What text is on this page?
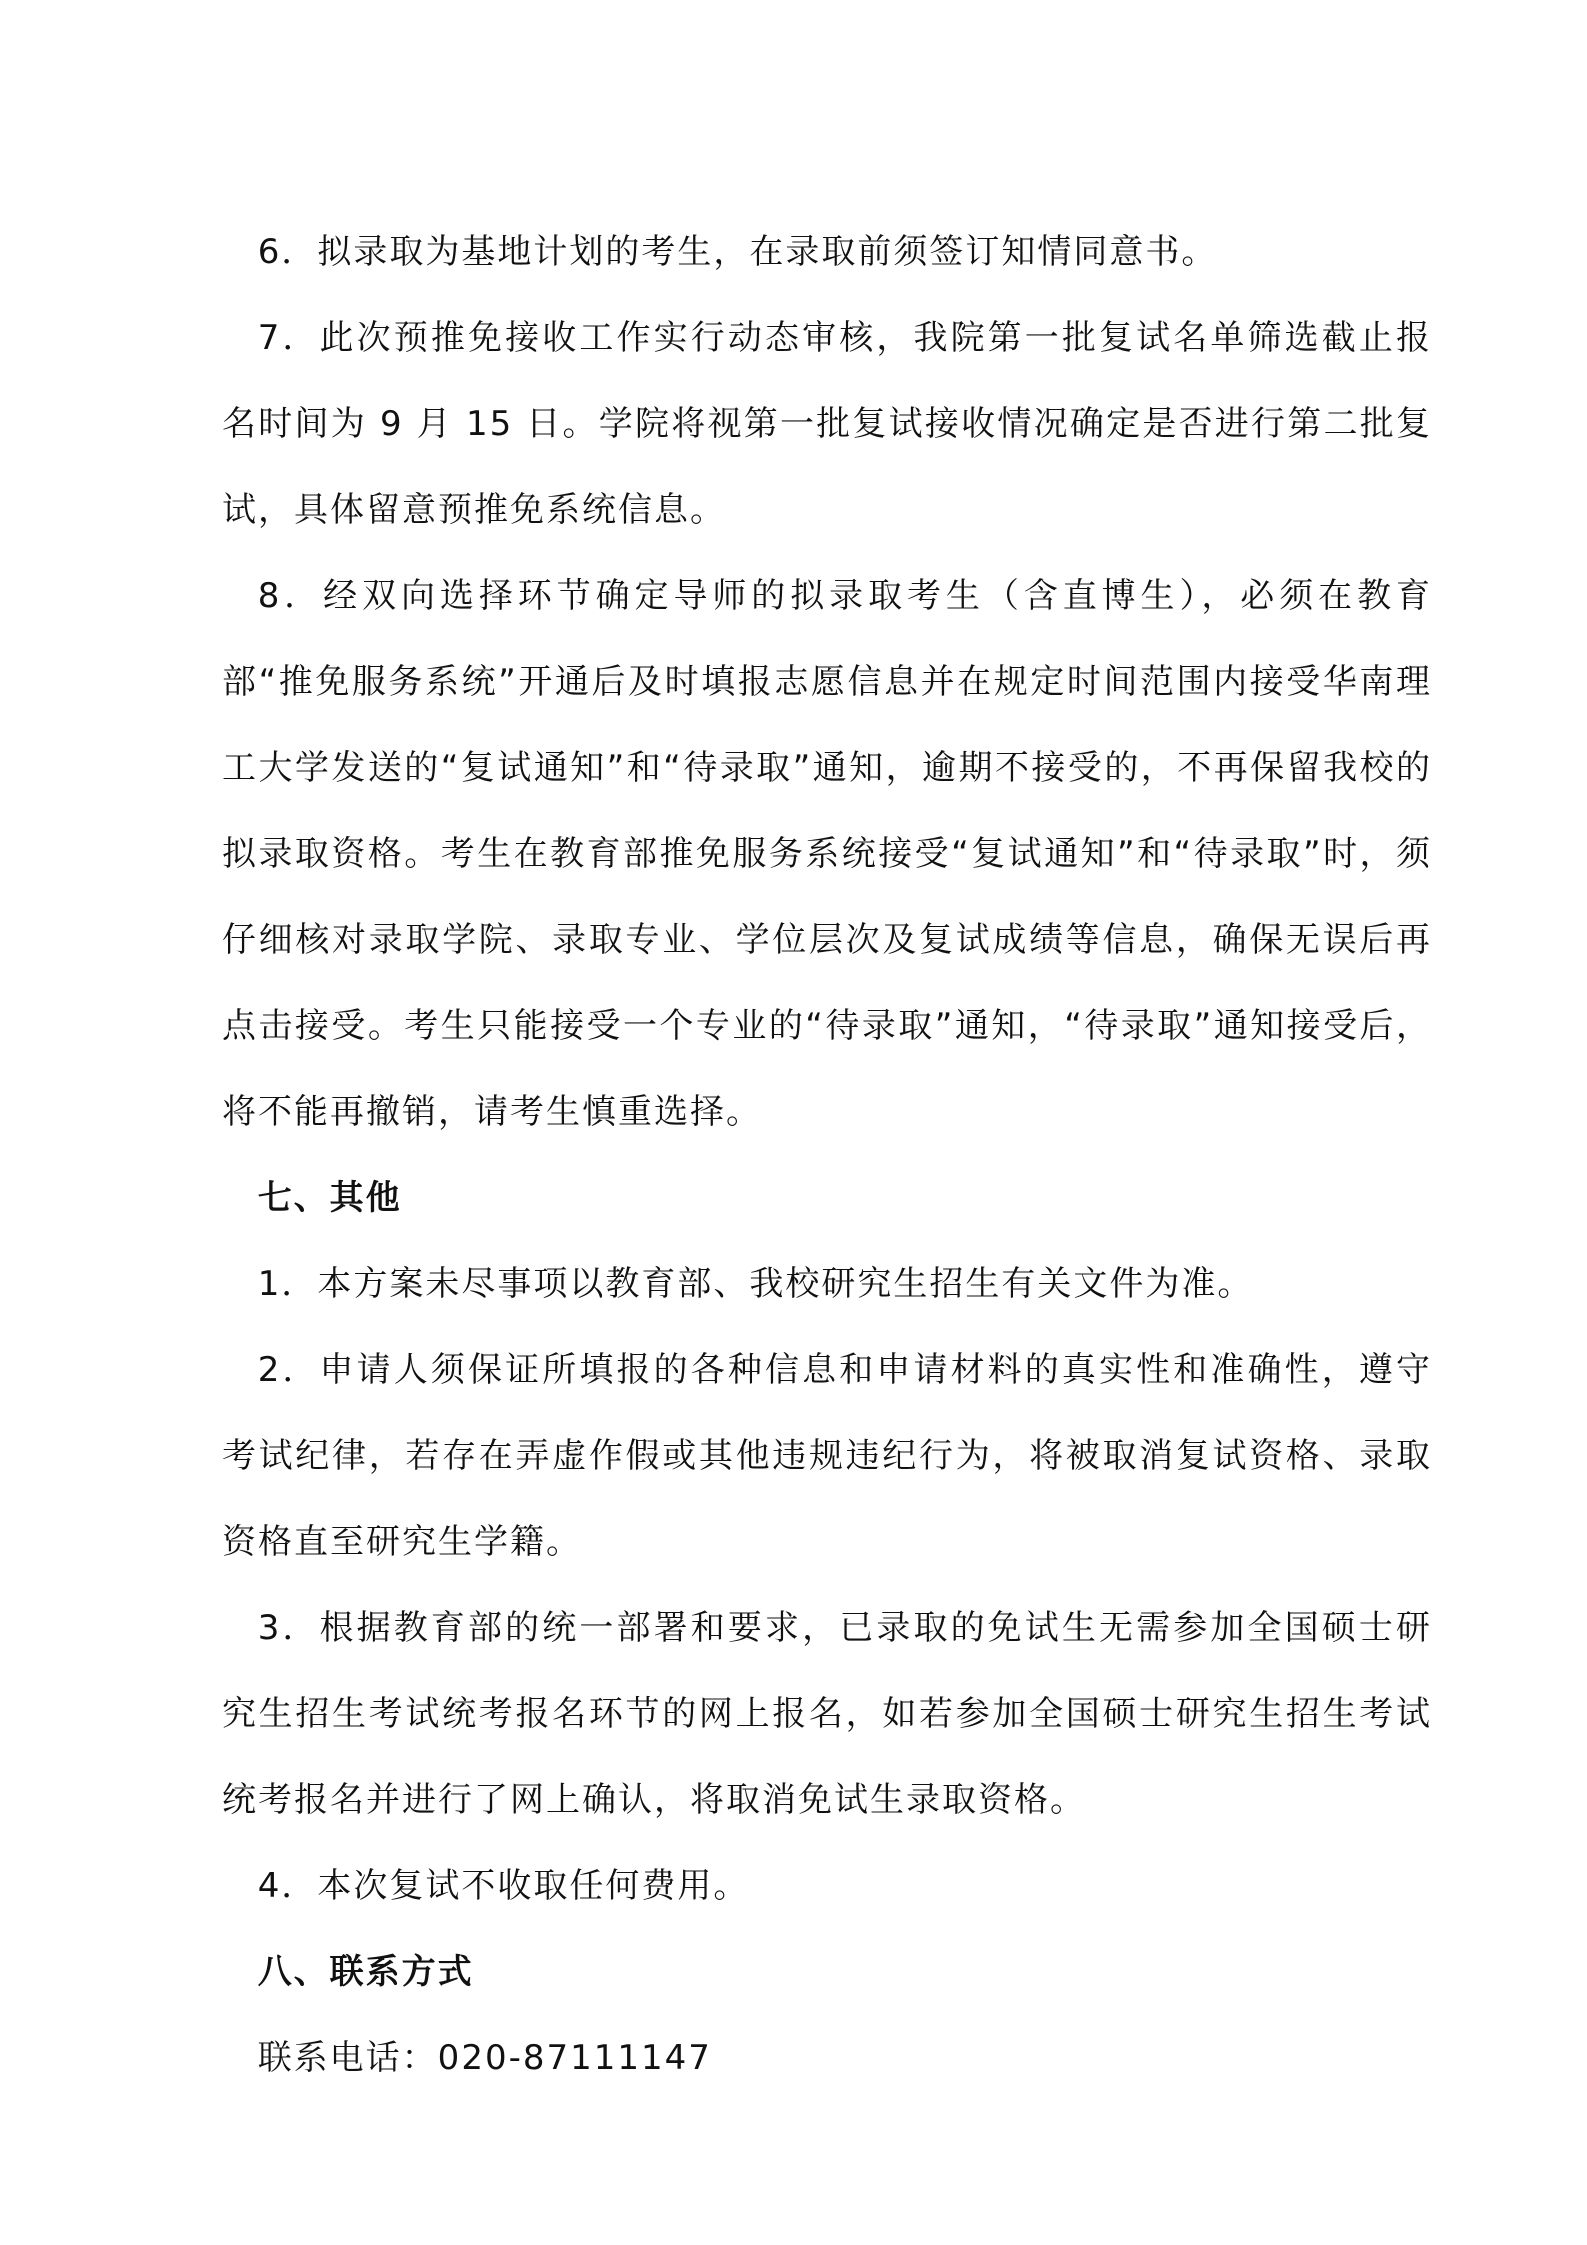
6．拟录取为基地计划的考生，在录取前须签订知情同意书。

7．此次预推免接收工作实行动态审核，我院第一批复试名单筛选截止报名时间为 9 月 15 日。学院将视第一批复试接收情况确定是否进行第二批复试，具体留意预推免系统信息。

8．经双向选择环节确定导师的拟录取考生（含直博生），必须在教育部“推免服务系统”开通后及时填报志愿信息并在规定时间范围内接受华南理工大学发送的“复试通知”和“待录取”通知，逾期不接受的，不再保留我校的拟录取资格。考生在教育部推免服务系统接受“复试通知”和“待录取”时，须仔细核对录取学院、录取专业、学位层次及复试成绩等信息，确保无误后再点击接受。考生只能接受一个专业的“待录取”通知，“待录取”通知接受后，将不能再撤销，请考生慎重选择。

七、其他

1．本方案未尽事项以教育部、我校研究生招生有关文件为准。

2．申请人须保证所填报的各种信息和申请材料的真实性和准确性，遵守考试纪律，若存在弄虚作假或其他违规违纪行为，将被取消复试资格、录取资格直至研究生学籍。

3．根据教育部的统一部署和要求，已录取的免试生无需参加全国硕士研究生招生考试统考报名环节的网上报名，如若参加全国硕士研究生招生考试统考报名并进行了网上确认，将取消免试生录取资格。

4．本次复试不收取任何费用。

八、联系方式
联系电话：020-87111147
